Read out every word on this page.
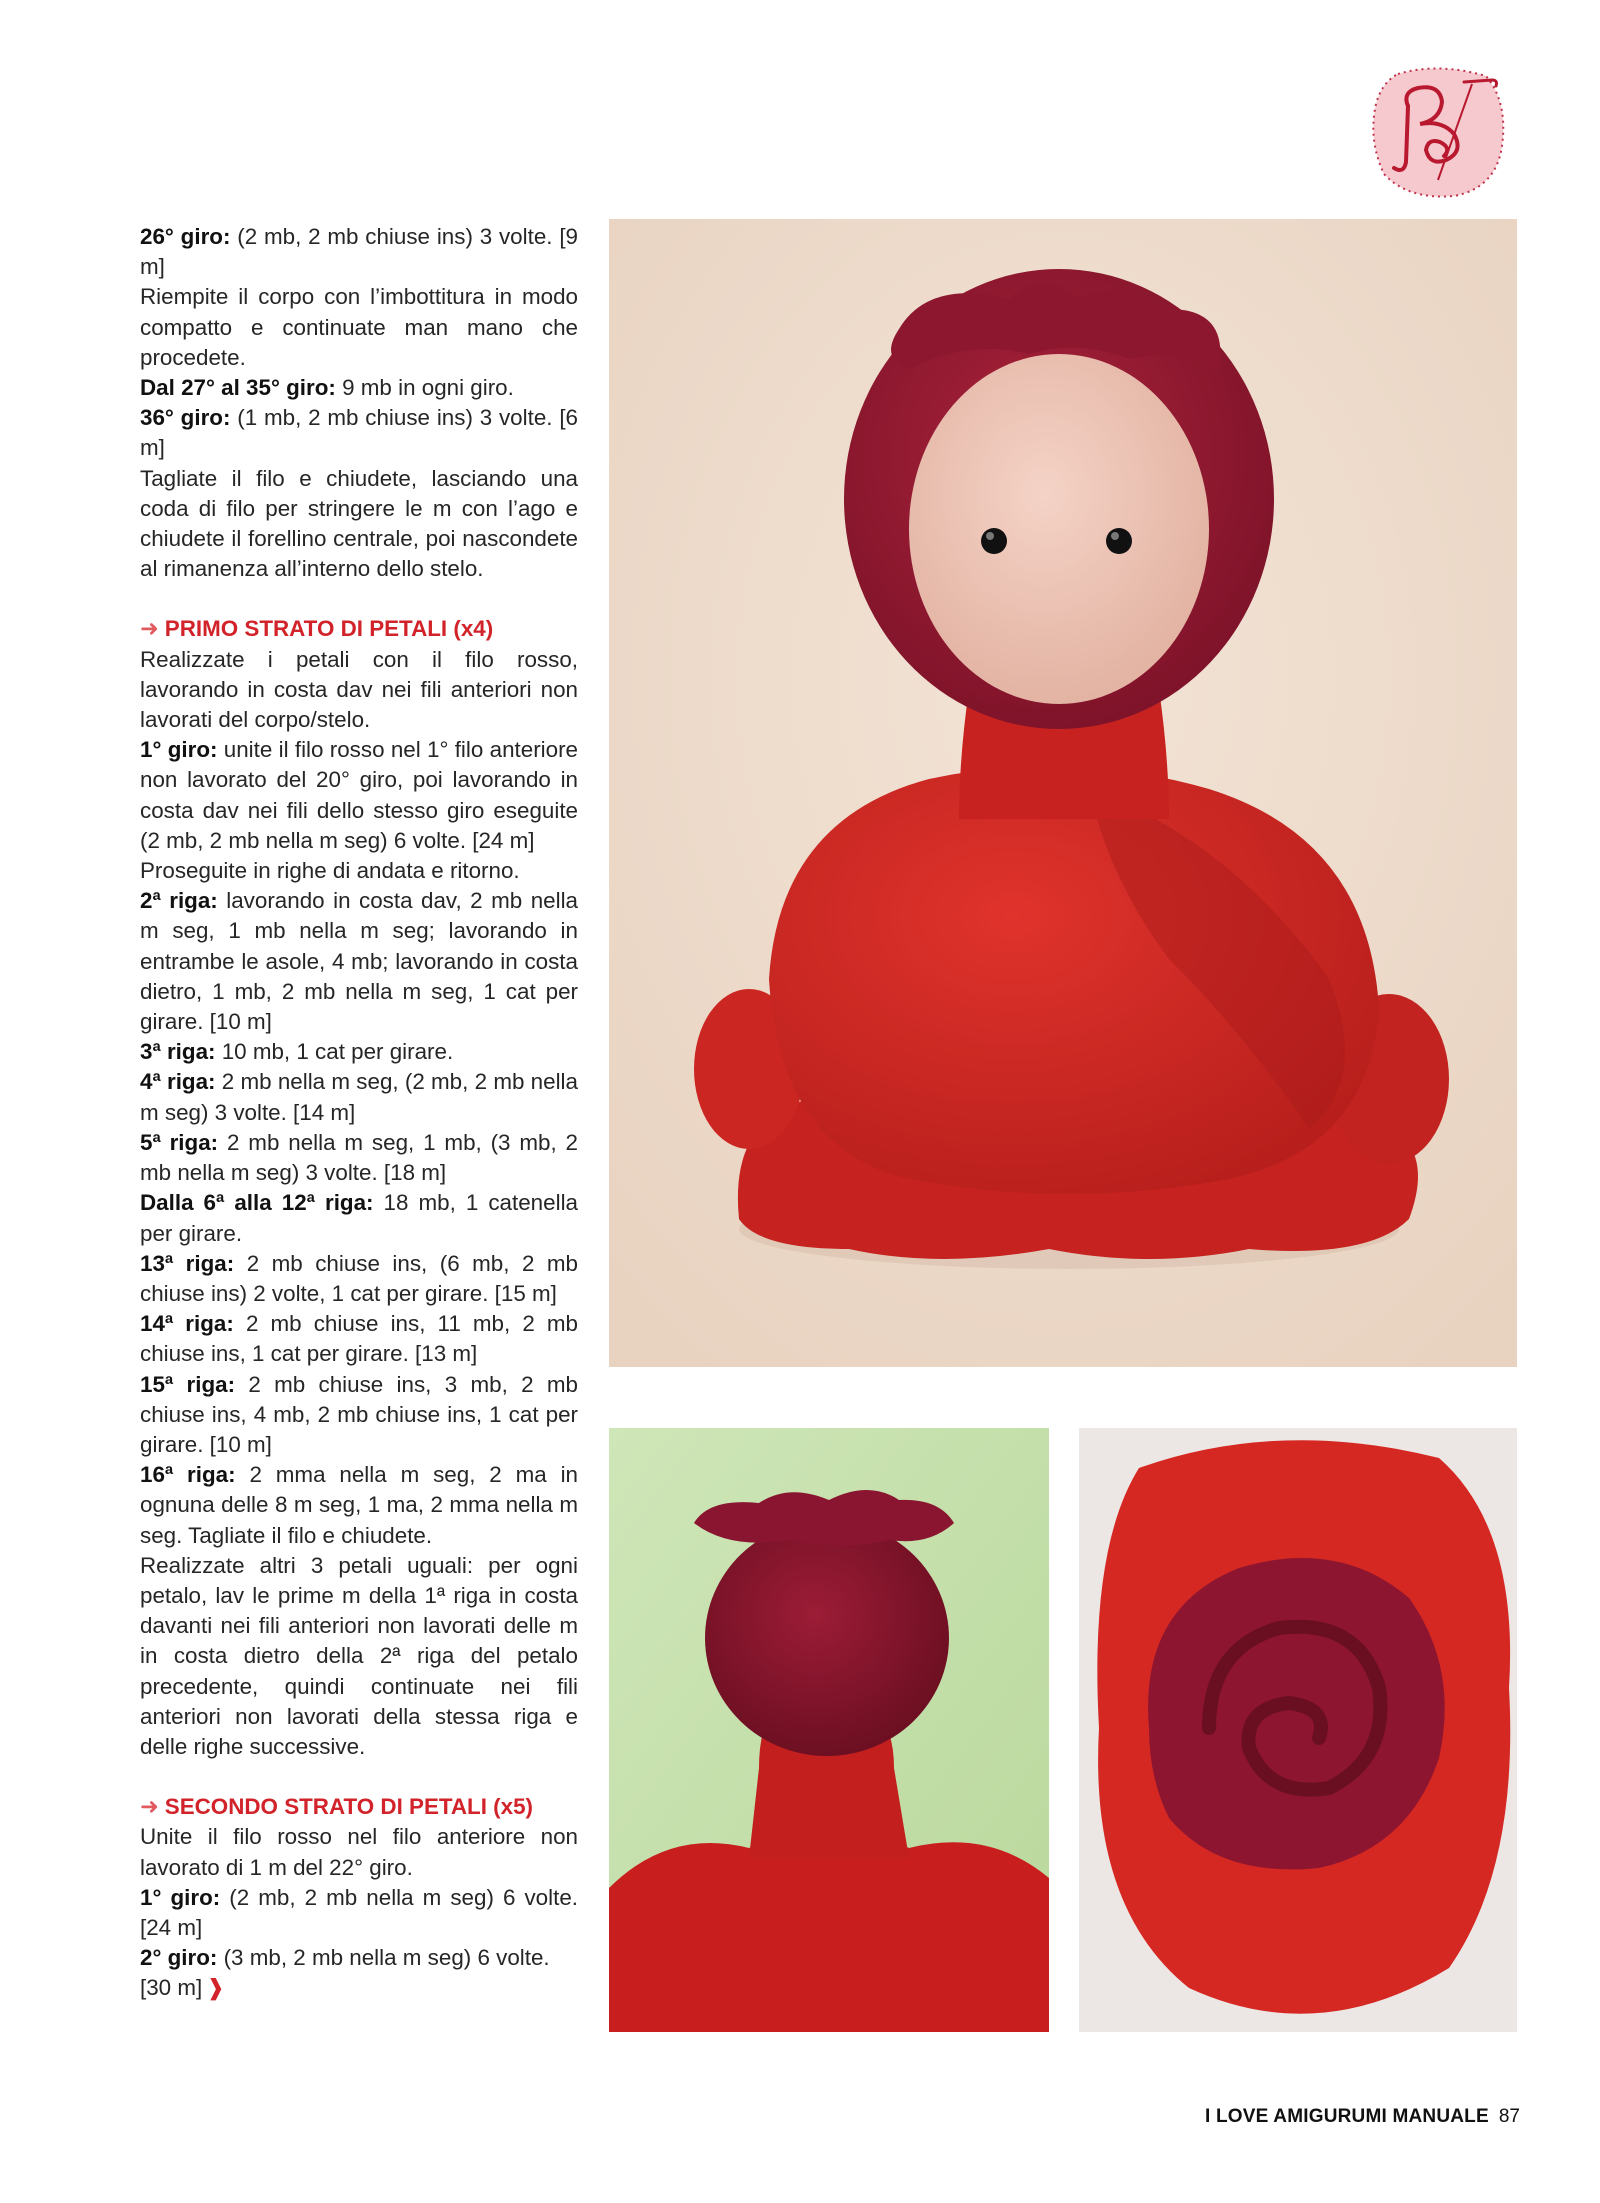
26° giro: (2 mb, 2 mb chiuse ins) 3 volte. [9 m]

Riempite il corpo con l’imbottitura in modo compatto e continuate man mano che procedete.

Dal 27° al 35° giro: 9 mb in ogni giro.

36° giro: (1 mb, 2 mb chiuse ins) 3 volte. [6 m]

Tagliate il filo e chiudete, lasciando una coda di filo per stringere le m con l’ago e chiudete il forellino centrale, poi nascondete al rimanenza all’interno dello stelo.

➜ PRIMO STRATO DI PETALI (x4)

Realizzate i petali con il filo rosso, lavorando in costa dav nei fili anteriori non lavorati del corpo/stelo.

1° giro: unite il filo rosso nel 1° filo anteriore non lavorato del 20° giro, poi lavorando in costa dav nei fili dello stesso giro eseguite (2 mb, 2 mb nella m seg) 6 volte. [24 m]

Proseguite in righe di andata e ritorno.

2ª riga: lavorando in costa dav, 2 mb nella m seg, 1 mb nella m seg; lavorando in entrambe le asole, 4 mb; lavorando in costa dietro, 1 mb, 2 mb nella m seg, 1 cat per girare. [10 m]

3ª riga: 10 mb, 1 cat per girare.

4ª riga: 2 mb nella m seg, (2 mb, 2 mb nella m seg) 3 volte. [14 m]

5ª riga: 2 mb nella m seg, 1 mb, (3 mb, 2 mb nella m seg) 3 volte. [18 m]

Dalla 6ª alla 12ª riga: 18 mb, 1 catenella per girare.

13ª riga: 2 mb chiuse ins, (6 mb, 2 mb chiuse ins) 2 volte, 1 cat per girare. [15 m]

14ª riga: 2 mb chiuse ins, 11 mb, 2 mb chiuse ins, 1 cat per girare. [13 m]

15ª riga: 2 mb chiuse ins, 3 mb, 2 mb chiuse ins, 4 mb, 2 mb chiuse ins, 1 cat per girare. [10 m]

16ª riga: 2 mma nella m seg, 2 ma in ognuna delle 8 m seg, 1 ma, 2 mma nella m seg. Tagliate il filo e chiudete.

Realizzate altri 3 petali uguali: per ogni petalo, lav le prime m della 1ª riga in costa davanti nei fili anteriori non lavorati delle m in costa dietro della 2ª riga del petalo precedente, quindi continuate nei fili anteriori non lavorati della stessa riga e delle righe successive.

➜ SECONDO STRATO DI PETALI (x5)

Unite il filo rosso nel filo anteriore non lavorato di 1 m del 22° giro.

1° giro: (2 mb, 2 mb nella m seg) 6 volte. [24 m]

2° giro: (3 mb, 2 mb nella m seg) 6 volte. [30 m] ❱

I LOVE AMIGURUMI MANUALE 87
